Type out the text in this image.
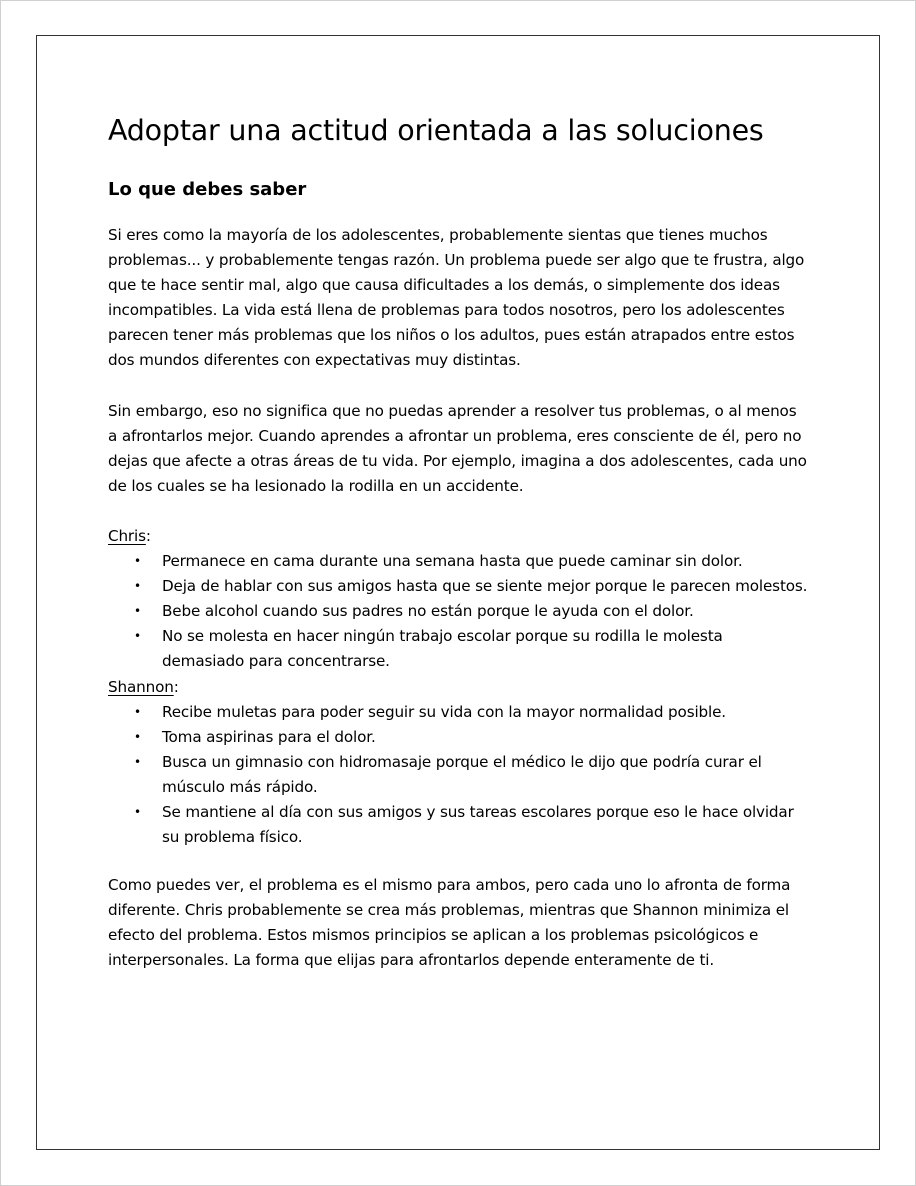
Adoptar una actitud orientada a las soluciones
Lo que debes saber

Si eres como la mayoría de los adolescentes, probablemente sientas que tienes muchos problemas... y probablemente tengas razón. Un problema puede ser algo que te frustra, algo que te hace sentir mal, algo que causa dificultades a los demás, o simplemente dos ideas incompatibles. La vida está llena de problemas para todos nosotros, pero los adolescentes parecen tener más problemas que los niños o los adultos, pues están atrapados entre estos dos mundos diferentes con expectativas muy distintas.

Sin embargo, eso no significa que no puedas aprender a resolver tus problemas, o al menos a afrontarlos mejor. Cuando aprendes a afrontar un problema, eres consciente de él, pero no dejas que afecte a otras áreas de tu vida. Por ejemplo, imagina a dos adolescentes, cada uno de los cuales se ha lesionado la rodilla en un accidente.

Chris:
• Permanece en cama durante una semana hasta que puede caminar sin dolor.
• Deja de hablar con sus amigos hasta que se siente mejor porque le parecen molestos.
• Bebe alcohol cuando sus padres no están porque le ayuda con el dolor.
• No se molesta en hacer ningún trabajo escolar porque su rodilla le molesta demasiado para concentrarse.
Shannon:
• Recibe muletas para poder seguir su vida con la mayor normalidad posible.
• Toma aspirinas para el dolor.
• Busca un gimnasio con hidromasaje porque el médico le dijo que podría curar el músculo más rápido.
• Se mantiene al día con sus amigos y sus tareas escolares porque eso le hace olvidar su problema físico.

Como puedes ver, el problema es el mismo para ambos, pero cada uno lo afronta de forma diferente. Chris probablemente se crea más problemas, mientras que Shannon minimiza el efecto del problema. Estos mismos principios se aplican a los problemas psicológicos e interpersonales. La forma que elijas para afrontarlos depende enteramente de ti.
